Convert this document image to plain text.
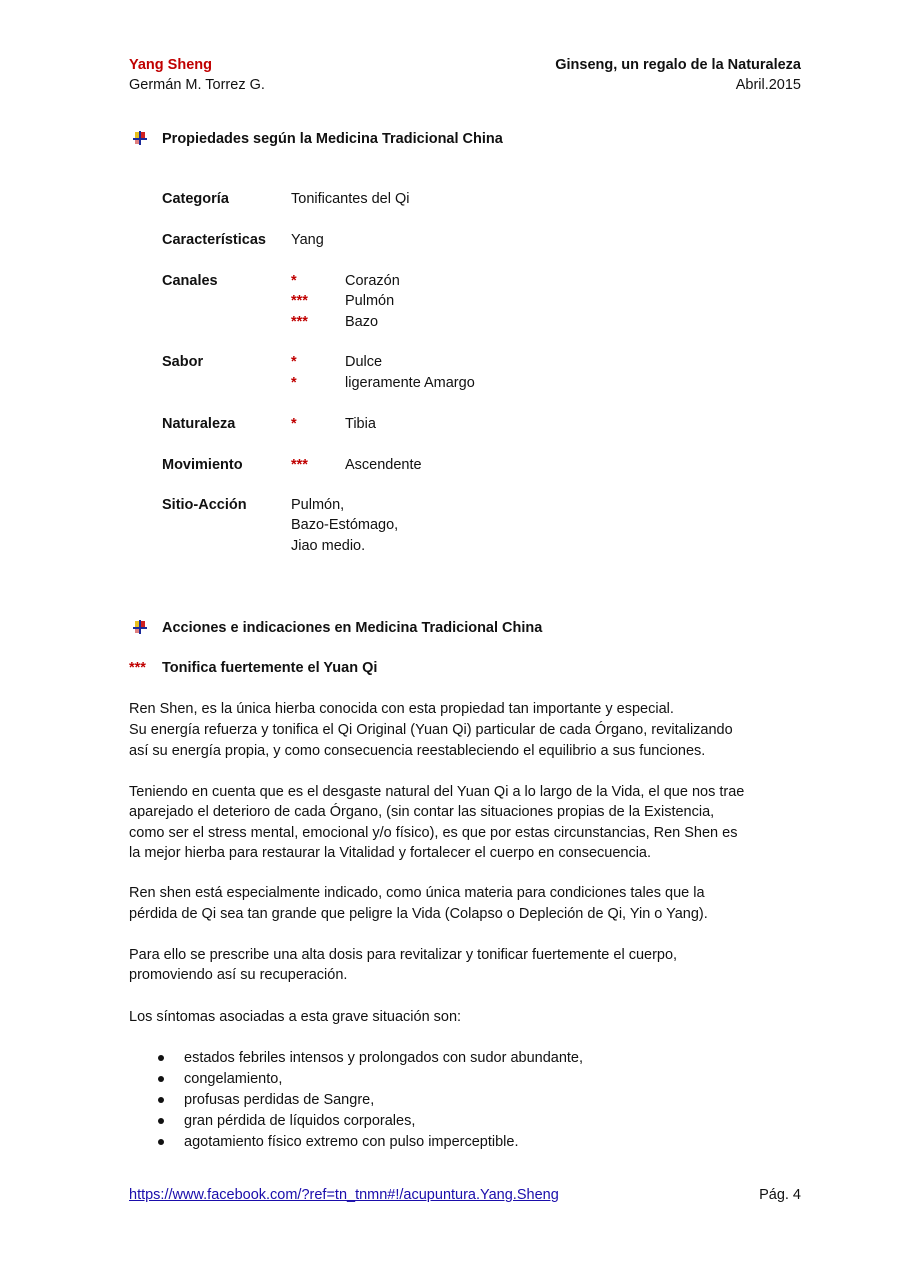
Yang Sheng
Germán M. Torrez G.
Ginseng, un regalo de la Naturaleza
Abril.2015
Propiedades según la Medicina Tradicional China
Categoría	Tonificantes del Qi
Características Yang
Canales	*	Corazón
***	Pulmón
***	Bazo
Sabor	*	Dulce
*	ligeramente Amargo
Naturaleza	*	Tibia
Movimiento	***	Ascendente
Sitio-Acción	Pulmón,
Bazo-Estómago,
Jiao medio.
Acciones e indicaciones en Medicina Tradicional China
*** Tonifica fuertemente el Yuan Qi
Ren Shen, es la única hierba conocida con esta propiedad tan importante y especial.
Su energía refuerza y tonifica el Qi Original (Yuan Qi) particular de cada Órgano, revitalizando
así su energía propia, y como consecuencia reestableciendo el equilibrio a sus funciones.
Teniendo en cuenta que es el desgaste natural del Yuan Qi a lo largo de la Vida, el que nos trae
aparejado el deterioro de cada Órgano, (sin contar las situaciones propias de la Existencia,
como ser el stress mental, emocional y/o físico), es que por estas circunstancias, Ren Shen es
la mejor hierba para restaurar la Vitalidad y fortalecer el cuerpo en consecuencia.
Ren shen está especialmente indicado, como única materia para condiciones tales que la
pérdida de Qi sea tan grande que peligre la Vida (Colapso o Depleción de Qi, Yin o Yang).
Para ello se prescribe una alta dosis para revitalizar y tonificar fuertemente el cuerpo,
promoviendo así su recuperación.
Los síntomas asociadas a esta grave situación son:
estados febriles intensos y prolongados con sudor abundante,
congelamiento,
profusas perdidas de Sangre,
gran pérdida de líquidos corporales,
agotamiento físico extremo con pulso imperceptible.
https://www.facebook.com/?ref=tn_tnmn#!/acupuntura.Yang.Sheng	Pág. 4
